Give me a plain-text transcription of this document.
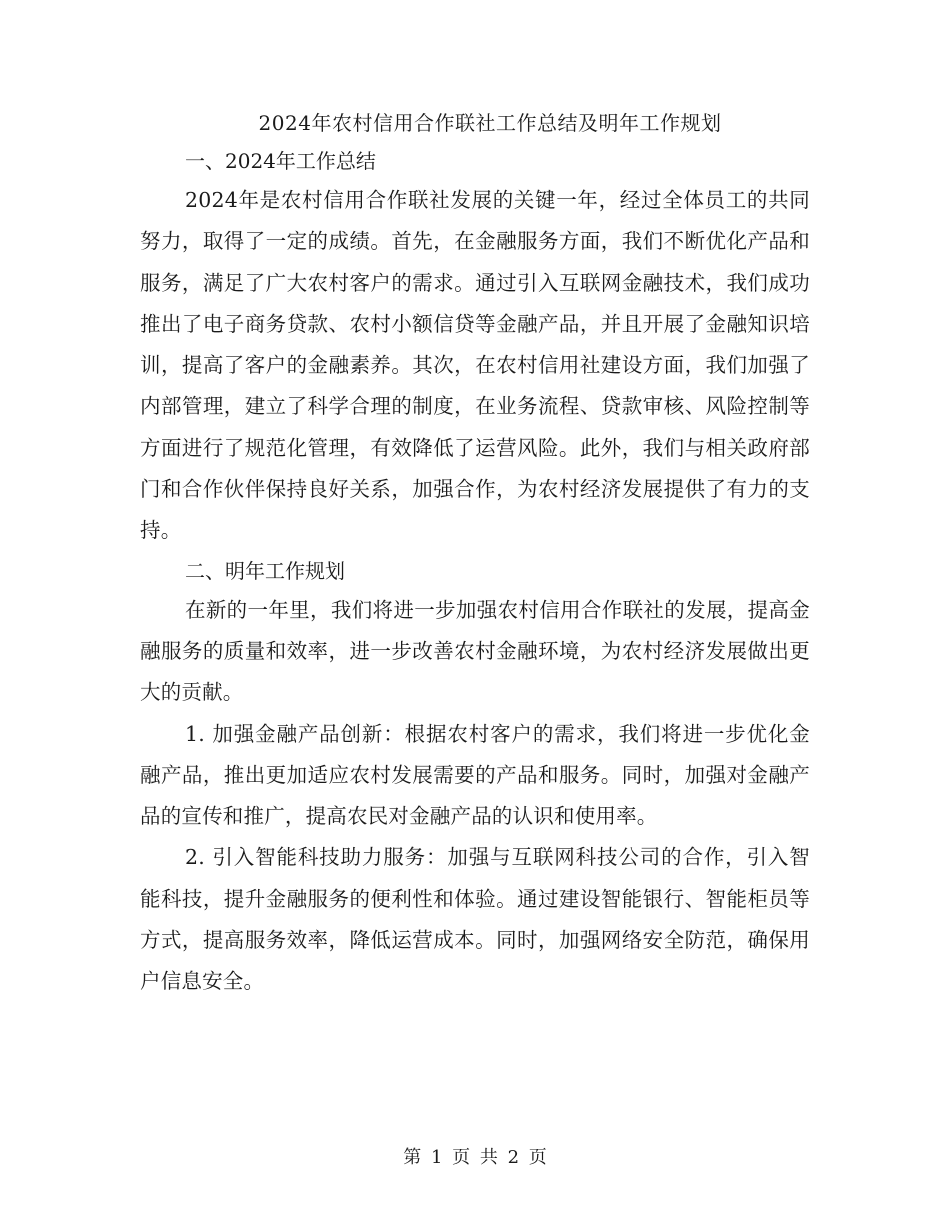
2024年农村信用合作联社工作总结及明年工作规划
一、2024年工作总结

2024年是农村信用合作联社发展的关键一年，经过全体员工的共同努力，取得了一定的成绩。首先，在金融服务方面，我们不断优化产品和服务，满足了广大农村客户的需求。通过引入互联网金融技术，我们成功推出了电子商务贷款、农村小额信贷等金融产品，并且开展了金融知识培训，提高了客户的金融素养。其次，在农村信用社建设方面，我们加强了内部管理，建立了科学合理的制度，在业务流程、贷款审核、风险控制等方面进行了规范化管理，有效降低了运营风险。此外，我们与相关政府部门和合作伙伴保持良好关系，加强合作，为农村经济发展提供了有力的支持。

二、明年工作规划

在新的一年里，我们将进一步加强农村信用合作联社的发展，提高金融服务的质量和效率，进一步改善农村金融环境，为农村经济发展做出更大的贡献。

1. 加强金融产品创新：根据农村客户的需求，我们将进一步优化金融产品，推出更加适应农村发展需要的产品和服务。同时，加强对金融产品的宣传和推广，提高农民对金融产品的认识和使用率。

2. 引入智能科技助力服务：加强与互联网科技公司的合作，引入智能科技，提升金融服务的便利性和体验。通过建设智能银行、智能柜员等方式，提高服务效率，降低运营成本。同时，加强网络安全防范，确保用户信息安全。

第 1 页 共 2 页
